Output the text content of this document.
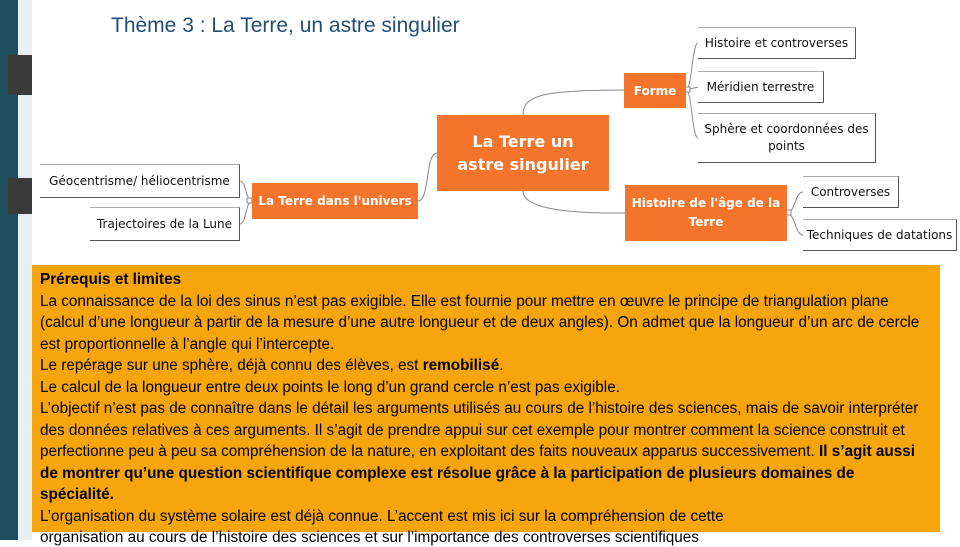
Thème 3 : La Terre, un astre singulier
La Terre un astre singulier
Forme
La Terre dans l'univers	Histoire de l'âge de la Terre
Histoire et controverses
Méridien terrestre
Sphère et coordonnées des points
Géocentrisme/ héliocentrisme
Trajectoires de la Lune
Controverses
Techniques de datations

Prérequis et limites

La connaissance de la loi des sinus n’est pas exigible. Elle est fournie pour mettre en œuvre le principe de triangulation plane (calcul d’une longueur à partir de la mesure d’une autre longueur et de deux angles). On admet que la longueur d’un arc de cercle est proportionnelle à l’angle qui l’intercepte.

Le repérage sur une sphère, déjà connu des élèves, est remobilisé.

Le calcul de la longueur entre deux points le long d’un grand cercle n’est pas exigible.

L’objectif n’est pas de connaître dans le détail les arguments utilisés au cours de l’histoire des sciences, mais de savoir interpréter des données relatives à ces arguments. Il s’agit de prendre appui sur cet exemple pour montrer comment la science construit et perfectionne peu à peu sa compréhension de la nature, en exploitant des faits nouveaux apparus successivement. Il s’agit aussi de montrer qu’une question scientifique complexe est résolue grâce à la participation de plusieurs domaines de spécialité.

L’organisation du système solaire est déjà connue. L’accent est mis ici sur la compréhension de cette

organisation au cours de l’histoire des sciences et sur l’importance des controverses scientifiques
